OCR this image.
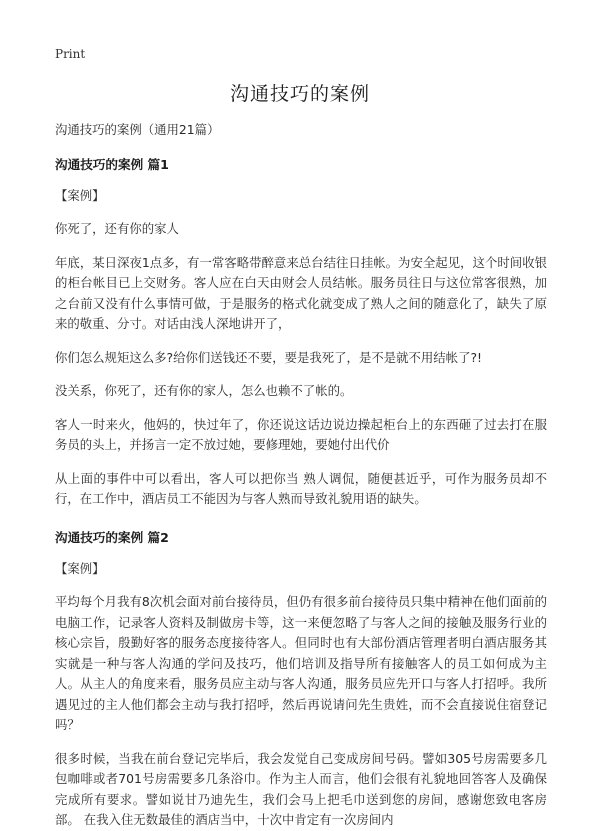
Print
沟通技巧的案例

沟通技巧的案例（通用21篇）

沟通技巧的案例 篇1

【案例】

你死了，还有你的家人

年底，某日深夜1点多，有一常客略带醉意来总台结往日挂帐。为安全起见，这个时间收银的柜台帐目已上交财务。客人应在白天由财会人员结帐。服务员往日与这位常客很熟，加之台前又没有什么事情可做，于是服务的格式化就变成了熟人之间的随意化了，缺失了原来的敬重、分寸。对话由浅人深地讲开了，

你们怎么规矩这么多?给你们送钱还不要，要是我死了，是不是就不用结帐了?!

没关系，你死了，还有你的家人，怎么也赖不了帐的。

客人一时来火，他妈的，快过年了，你还说这话边说边操起柜台上的东西砸了过去打在服务员的头上，并扬言一定不放过她，要修理她，要她付出代价

从上面的事件中可以看出，客人可以把你当 熟人调侃，随便甚近乎，可作为服务员却不行，在工作中，酒店员工不能因为与客人熟而导致礼貌用语的缺失。

沟通技巧的案例 篇2

【案例】

平均每个月我有8次机会面对前台接待员，但仍有很多前台接待员只集中精神在他们面前的电脑工作，记录客人资料及制做房卡等，这一来便忽略了与客人之间的接触及服务行业的核心宗旨，殷勤好客的服务态度接待客人。但同时也有大部份酒店管理者明白酒店服务其实就是一种与客人沟通的学问及技巧，他们培训及指导所有接触客人的员工如何成为主人。从主人的角度来看，服务员应主动与客人沟通，服务员应先开口与客人打招呼。我所遇见过的主人他们都会主动与我打招呼，然后再说请问先生贵姓，而不会直接说住宿登记吗？

很多时候，当我在前台登记完毕后，我会发觉自己变成房间号码。譬如305号房需要多几包咖啡或者701号房需要多几条浴巾。作为主人而言，他们会很有礼貌地回答客人及确保完成所有要求。譬如说甘乃迪先生，我们会马上把毛巾送到您的房间，感谢您致电客房部。 在我入住无数最佳的酒店当中，十次中肯定有一次房间内
